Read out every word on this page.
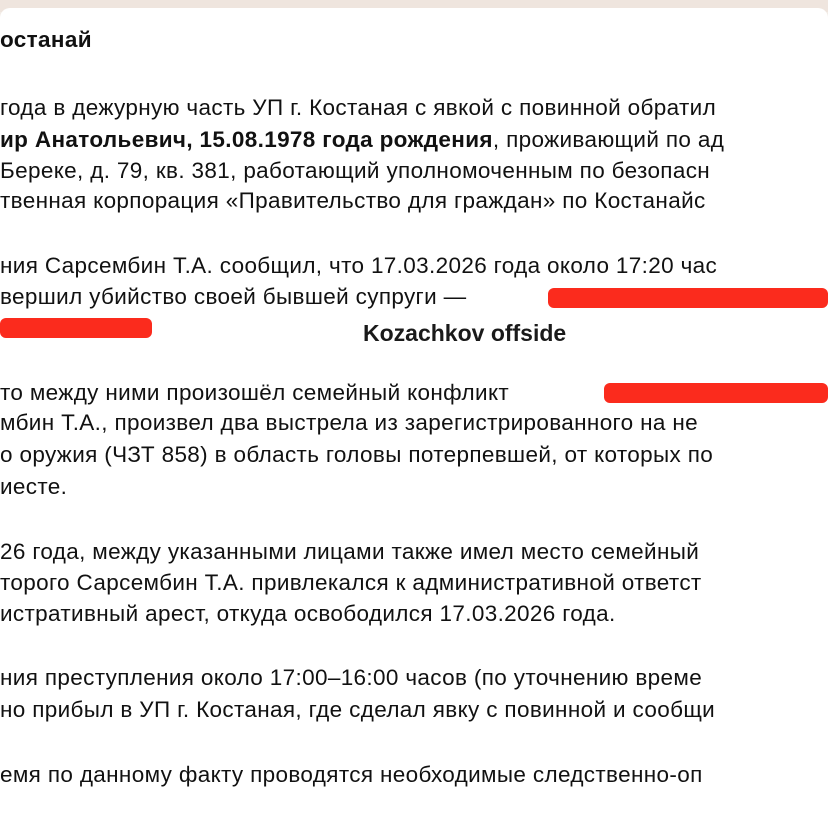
останай
года в дежурную часть УП г. Костаная с явкой с повинной обратил
ир Анатольевич, 15.08.1978 года рождения, проживающий по ад
Береке, д. 79, кв. 381, работающий уполномоченным по безопасн
твенная корпорация «Правительство для граждан» по Костанайс
ния Сарсембин Т.А. сообщил, что 17.03.2026 года около 17:20 час
вершил убийство своей бывшей супруги —
Kozachkov offside
то между ними произошёл семейный конфликт
мбин Т.А., произвел два выстрела из зарегистрированного на не
о оружия (ЧЗТ 858) в область головы потерпевшей, от которых по
иесте.
26 года, между указанными лицами также имел место семейный
торого Сарсембин Т.А. привлекался к административной ответст
истративный арест, откуда освободился 17.03.2026 года.
ния преступления около 17:00–16:00 часов (по уточнению време
но прибыл в УП г. Костаная, где сделал явку с повинной и сообщи
емя по данному факту проводятся необходимые следственно-оп
